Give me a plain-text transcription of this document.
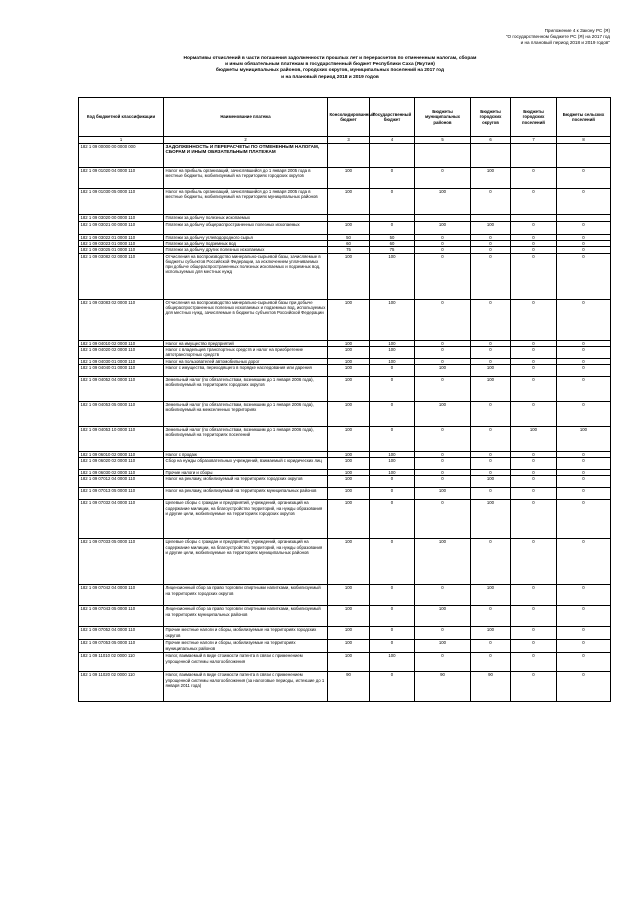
Приложение 4 к Закону РС (Я)
"О государственном бюджете РС (Я) на 2017 год
и на плановый период 2018 и 2019 годов"
Нормативы отчислений в части погашения задолженности прошлых лет и перерасчетов по отмененным налогам, сборам
и иным обязательным платежам в государственный бюджет Республики Саха (Якутия)
бюджеты муниципальных районов, городских округов, муниципальных поселений на 2017 год
и на плановый период 2018 и 2019 годов
Код бюджетной классификации	Наименование платежа	Консолидированный бюджет	Государственный бюджет	Бюджеты муниципальных районов	Бюджеты городских округов	Бюджеты городских поселений	Бюджеты сельских поселений
1	2	3	4	5	6	7	8
182 1 09 00000 00 0000 000	ЗАДОЛЖЕННОСТЬ И ПЕРЕРАСЧЕТЫ ПО ОТМЕНЕННЫМ НАЛОГАМ, СБОРАМ И ИНЫМ ОБЯЗАТЕЛЬНЫМ ПЛАТЕЖАМ						
182 1 09 01020 04 0000 110	Налог на прибыль организаций, зачислявшийся до 1 января 2005 года в местные бюджеты, мобилизуемый на территориях городских округов	100	0	0	100	0	0
182 1 09 01030 05 0000 110	Налог на прибыль организаций, зачислявшийся до 1 января 2005 года в местные бюджеты, мобилизуемый на территориях муниципальных районов	100	0	100	0	0	0
182 1 09 03020 00 0000 110	Платежи за добычу полезных ископаемых						
182 1 09 03021 00 0000 110	Платежи за добычу общераспространенных полезных ископаемых	100	0	100	100	0	0
182 1 09 03022 01 0000 110	Платежи за добычу углеводородного сырья	50	50	0	0	0	0
182 1 09 03023 01 0000 110	Платежи за добычу подземных вод	60	60	0	0	0	0
182 1 09 03025 01 0000 110	Платежи за добычу других полезных ископаемых	75	75	0	0	0	0
182 1 09 03082 02 0000 110	Отчисления на воспроизводство минерально-сырьевой базы, зачисляемые в бюджеты субъектов Российской Федерации, за исключением уплачиваемых при добыче общераспространенных полезных ископаемых и подземных вод, используемых для местных нужд	100	100	0	0	0	0
182 1 09 03083 02 0000 110	Отчисления на воспроизводство минерально-сырьевой базы при добыче общераспространенных полезных ископаемых и подземных вод, используемых для местных нужд, зачисляемые в бюджеты субъектов Российской Федерации	100	100	0	0	0	0
182 1 09 04010 02 0000 110	Налог на имущество предприятий	100	100	0	0	0	0
182 1 09 04020 02 0000 110	Налог с владельцев транспортных средств и налог на приобретение автотранспортных средств	100	100	0	0	0	0
182 1 09 04030 01 0000 110	Налог на пользователей автомобильных дорог	100	100	0	0	0	0
182 1 09 04040 01 0000 110	Налог с имущества, переходящего в порядке наследования или дарения	100	0	100	100	0	0
182 1 09 04052 04 0000 110	Земельный налог (по обязательствам, возникшим до 1 января 2006 года), мобилизуемый на территориях городских округов	100	0	0	100	0	0
182 1 09 04053 05 0000 110	Земельный налог (по обязательствам, возникшим до 1 января 2006 года), мобилизуемый на межселенных территориях	100	0	100	0	0	0
182 1 09 04053 10 0000 110	Земельный налог (по обязательствам, возникшим до 1 января 2006 года), мобилизуемый на территориях поселений	100	0	0	0	100	100
182 1 09 06010 02 0000 110	Налог с продаж	100	100	0	0	0	0
182 1 09 06020 02 0000 110	Сбор на нужды образовательных учреждений, взимаемый с юридических лиц	100	100	0	0	0	0
182 1 09 06030 02 0000 110	Прочие налоги и сборы	100	100	0	0	0	0
182 1 09 07012 04 0000 110	Налог на рекламу, мобилизуемый на территориях городских округов	100	0	0	100	0	0
182 1 09 07013 05 0000 110	Налог на рекламу, мобилизуемый на территориях муниципальных районов	100	0	100	0	0	0
182 1 09 07032 04 0000 110	Целевые сборы с граждан и предприятий, учреждений, организаций на содержание милиции, на благоустройство территорий, на нужды образования и другие цели, мобилизуемые на территориях городских округов	100	0	0	100	0	0
182 1 09 07033 05 0000 110	Целевые сборы с граждан и предприятий, учреждений, организаций на содержание милиции, на благоустройство территорий, на нужды образования и другие цели, мобилизуемые на территориях муниципальных районов	100	0	100	0	0	0
182 1 09 07042 04 0000 110	Лицензионный сбор за право торговли спиртными напитками, мобилизуемый на территориях городских округов	100	0	0	100	0	0
182 1 09 07043 05 0000 110	Лицензионный сбор за право торговли спиртными напитками, мобилизуемый на территориях муниципальных районов	100	0	100	0	0	0
182 1 09 07052 04 0000 110	Прочие местные налоги и сборы, мобилизуемые на территориях городских округов	100	0	0	100	0	0
182 1 09 07053 05 0000 110	Прочие местные налоги и сборы, мобилизуемые на территориях муниципальных районов	100	0	100	0	0	0
182 1 09 11010 02 0000 110	Налог, взимаемый в виде стоимости патента в связи с применением упрощенной системы налогообложения	100	100	0	0	0	0
182 1 09 11020 02 0000 110	Налог, взимаемый в виде стоимости патента в связи с применением упрощенной системы налогообложения (за налоговые периоды, истекшие до 1 января 2011 года)	90	0	90	90	0	0
